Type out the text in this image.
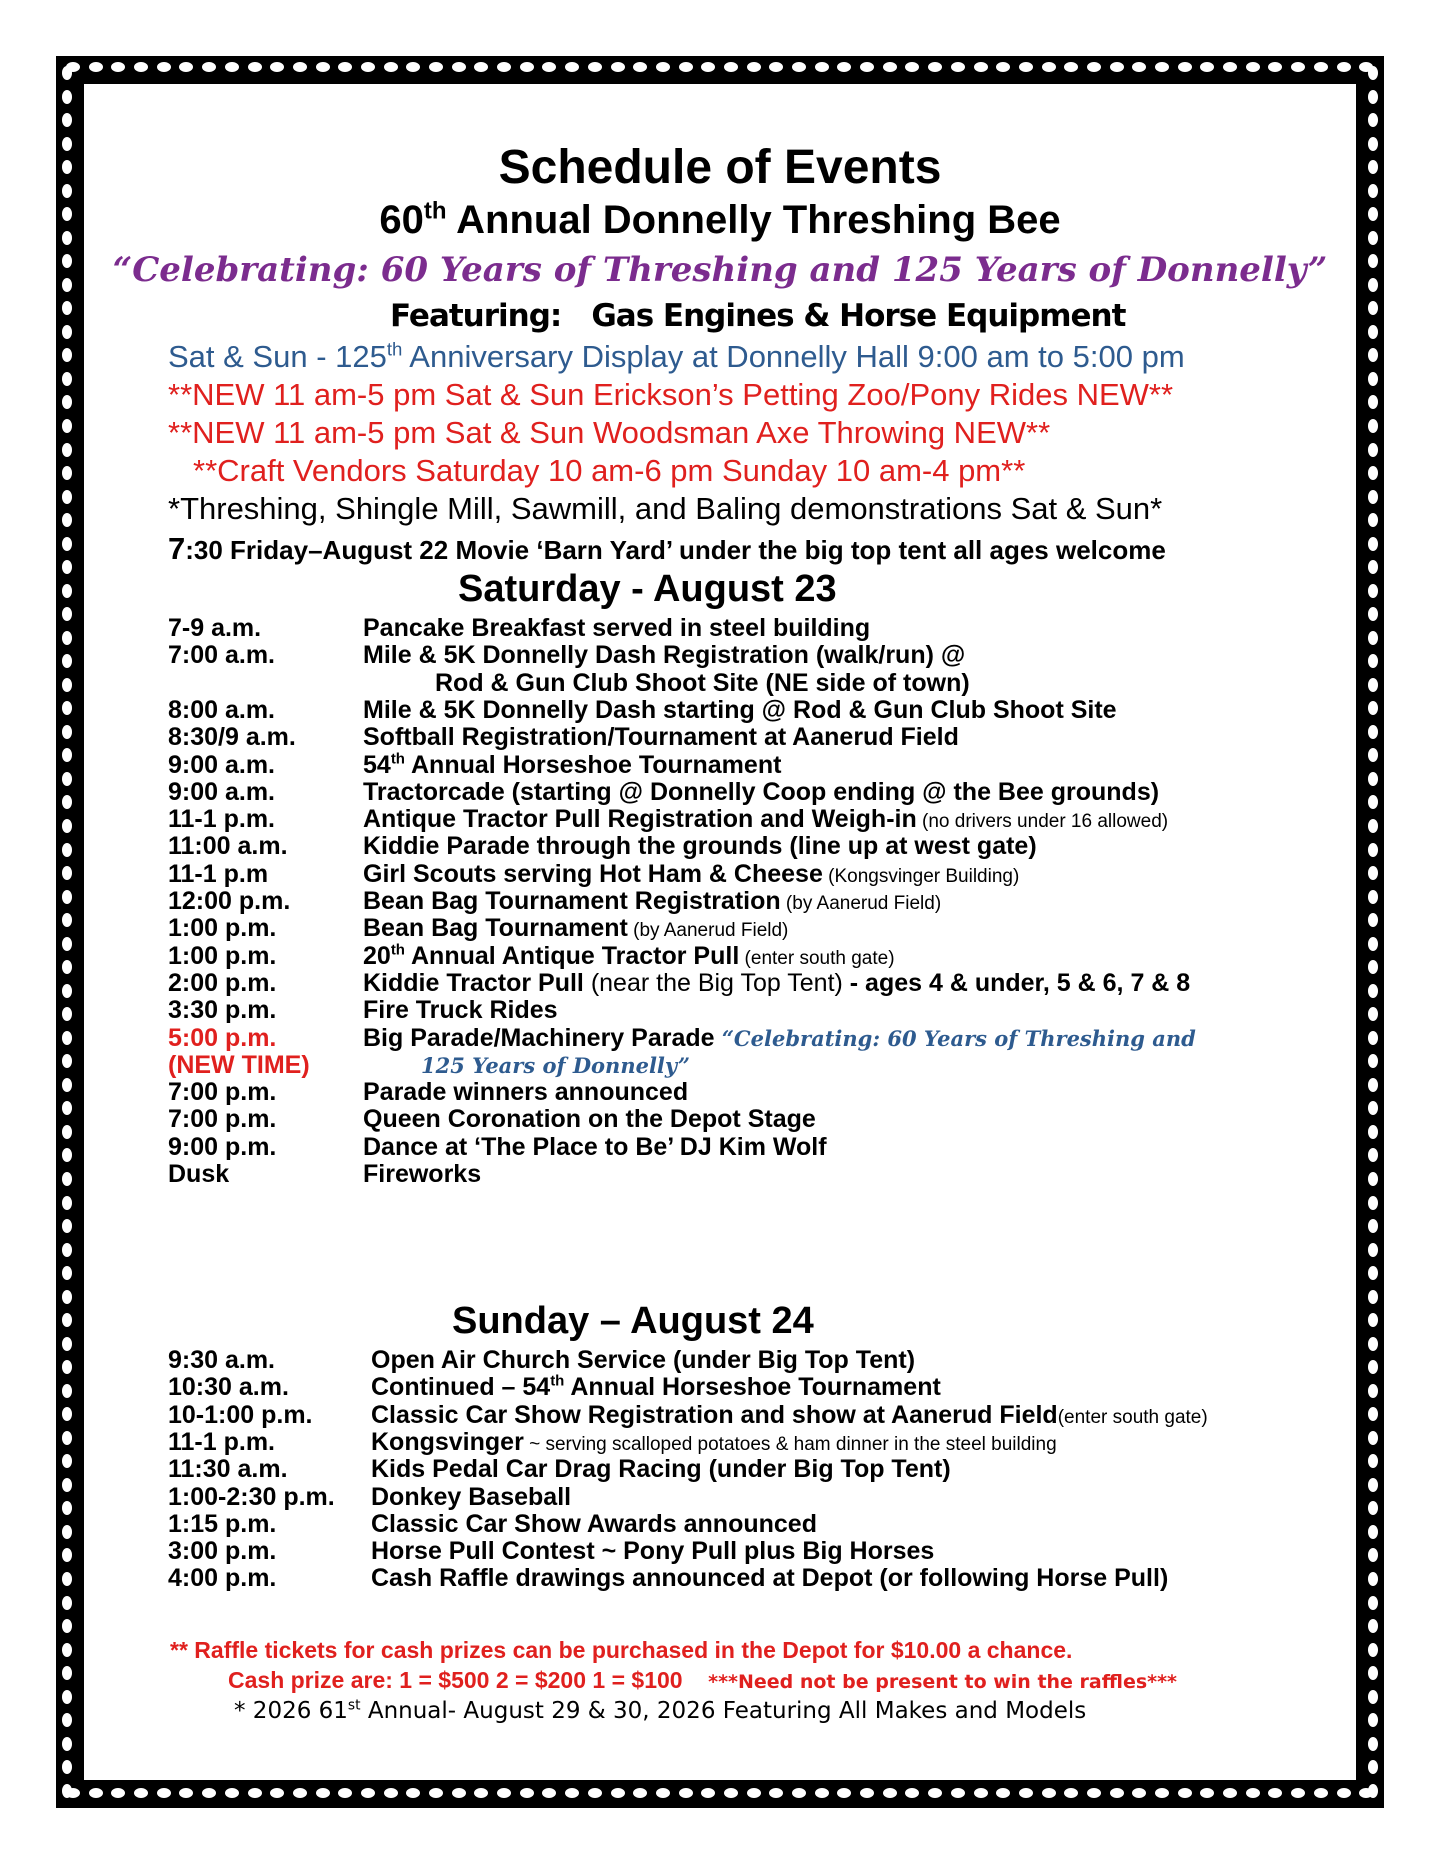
Schedule of Events
60th Annual Donnelly Threshing Bee
“Celebrating: 60 Years of Threshing and 125 Years of Donnelly”
Featuring: Gas Engines & Horse Equipment
Sat & Sun - 125th Anniversary Display at Donnelly Hall 9:00 am to 5:00 pm
**NEW 11 am-5 pm Sat & Sun Erickson’s Petting Zoo/Pony Rides NEW**
**NEW 11 am-5 pm Sat & Sun Woodsman Axe Throwing NEW**
**Craft Vendors Saturday 10 am-6 pm Sunday 10 am-4 pm**
*Threshing, Shingle Mill, Sawmill, and Baling demonstrations Sat & Sun*
7:30 Friday–August 22 Movie ‘Barn Yard’ under the big top tent all ages welcome
Saturday - August 23
7-9 a.m.	Pancake Breakfast served in steel building
7:00 a.m.	Mile & 5K Donnelly Dash Registration (walk/run) @
Rod & Gun Club Shoot Site (NE side of town)
8:00 a.m.	Mile & 5K Donnelly Dash starting @ Rod & Gun Club Shoot Site
8:30/9 a.m.	Softball Registration/Tournament at Aanerud Field
9:00 a.m.	54th Annual Horseshoe Tournament
9:00 a.m.	Tractorcade (starting @ Donnelly Coop ending @ the Bee grounds)
11-1 p.m.	Antique Tractor Pull Registration and Weigh-in (no drivers under 16 allowed)
11:00 a.m.	Kiddie Parade through the grounds (line up at west gate)
11-1 p.m	Girl Scouts serving Hot Ham & Cheese (Kongsvinger Building)
12:00 p.m.	Bean Bag Tournament Registration (by Aanerud Field)
1:00 p.m.	Bean Bag Tournament (by Aanerud Field)
1:00 p.m.	20th Annual Antique Tractor Pull (enter south gate)
2:00 p.m.	Kiddie Tractor Pull (near the Big Top Tent) - ages 4 & under, 5 & 6, 7 & 8
3:30 p.m.	Fire Truck Rides
5:00 p.m.	Big Parade/Machinery Parade “Celebrating: 60 Years of Threshing and
(NEW TIME)	125 Years of Donnelly”
7:00 p.m.	Parade winners announced
7:00 p.m.	Queen Coronation on the Depot Stage
9:00 p.m.	Dance at ‘The Place to Be’ DJ Kim Wolf
Dusk	Fireworks
Sunday – August 24
9:30 a.m.	Open Air Church Service (under Big Top Tent)
10:30 a.m.	Continued – 54th Annual Horseshoe Tournament
10-1:00 p.m. Classic Car Show Registration and show at Aanerud Field(enter south gate)
11-1 p.m.	Kongsvinger ~ serving scalloped potatoes & ham dinner in the steel building
11:30 a.m.	Kids Pedal Car Drag Racing (under Big Top Tent)
1:00-2:30 p.m. Donkey Baseball
1:15 p.m.	Classic Car Show Awards announced
3:00 p.m.	Horse Pull Contest ~ Pony Pull plus Big Horses
4:00 p.m.	Cash Raffle drawings announced at Depot (or following Horse Pull)
** Raffle tickets for cash prizes can be purchased in the Depot for $10.00 a chance.
Cash prize are: 1 = $500 2 = $200 1 = $100 ***Need not be present to win the raffles***
* 2026 61st Annual- August 29 & 30, 2026 Featuring All Makes and Models
